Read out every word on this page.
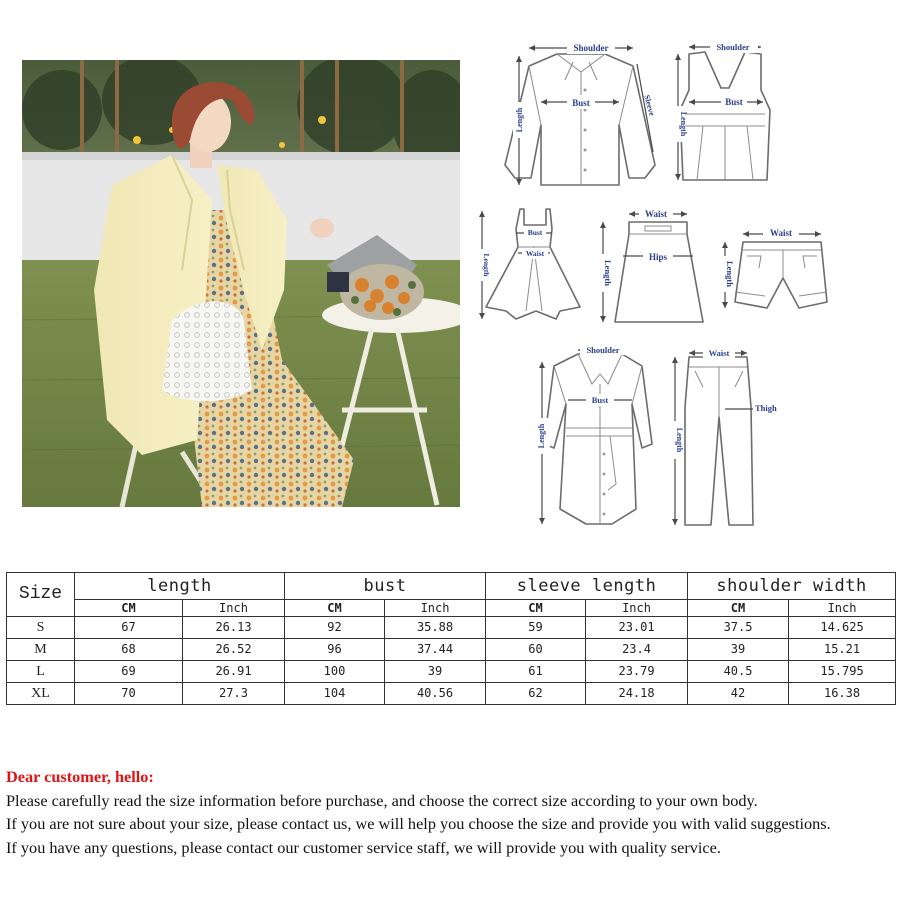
Shoulder
Bust
Length
Sleeve
Shoulder
Bust
Length
Bust
Waist
Length
Waist
Hips
Length
Waist
Length
Shoulder
Bust
Length
Waist
Thigh
Length
Size	length		bust		sleeve length		shoulder width	
	CM	Inch	CM	Inch	CM	Inch	CM	Inch
S	67	26.13	92	35.88	59	23.01	37.5	14.625
M	68	26.52	96	37.44	60	23.4	39	15.21
L	69	26.91	100	39	61	23.79	40.5	15.795
XL	70	27.3	104	40.56	62	24.18	42	16.38
Dear customer, hello:
Please carefully read the size information before purchase, and choose the correct size according to your own body.
If you are not sure about your size, please contact us, we will help you choose the size and provide you with valid suggestions.
If you have any questions, please contact our customer service staff, we will provide you with quality service.
